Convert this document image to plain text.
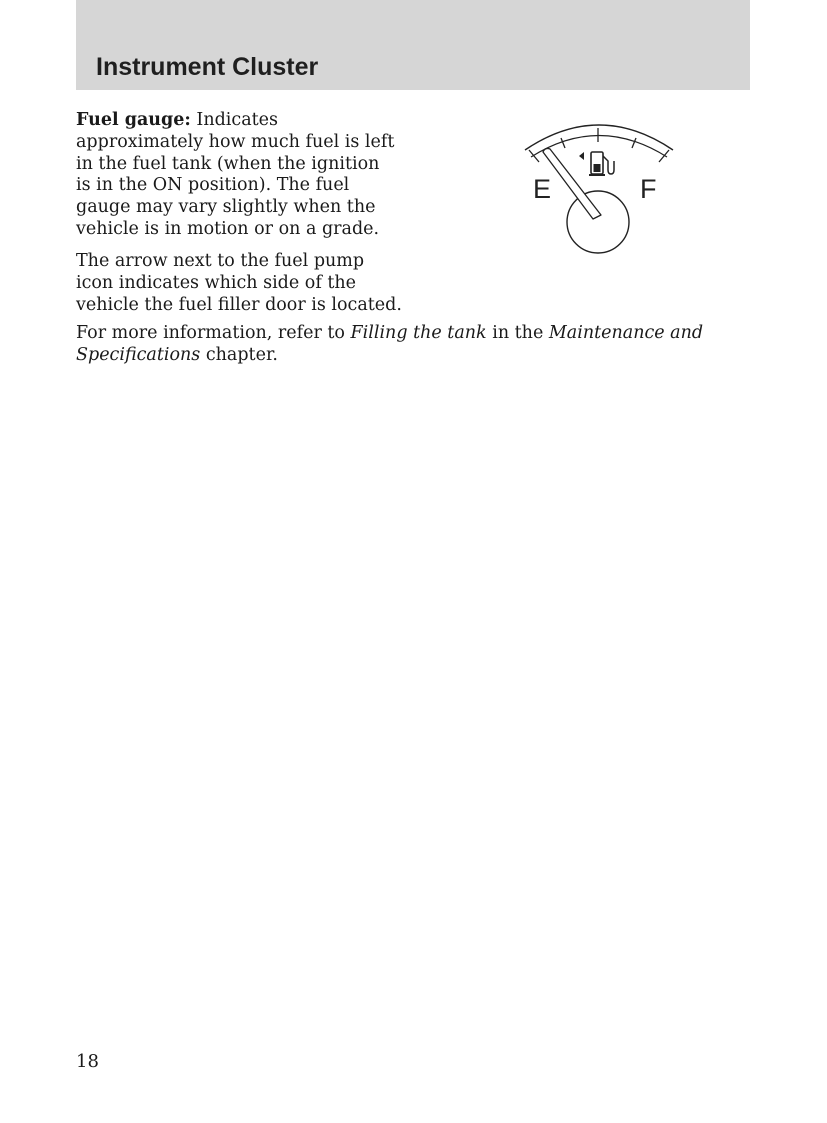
Instrument Cluster

Fuel gauge: Indicates
approximately how much fuel is left
in the fuel tank (when the ignition
is in the ON position). The fuel
gauge may vary slightly when the
vehicle is in motion or on a grade.

The arrow next to the fuel pump
icon indicates which side of the
vehicle the fuel filler door is located.

For more information, refer to Filling the tank in the Maintenance and
Specifications chapter.

E	F

18
